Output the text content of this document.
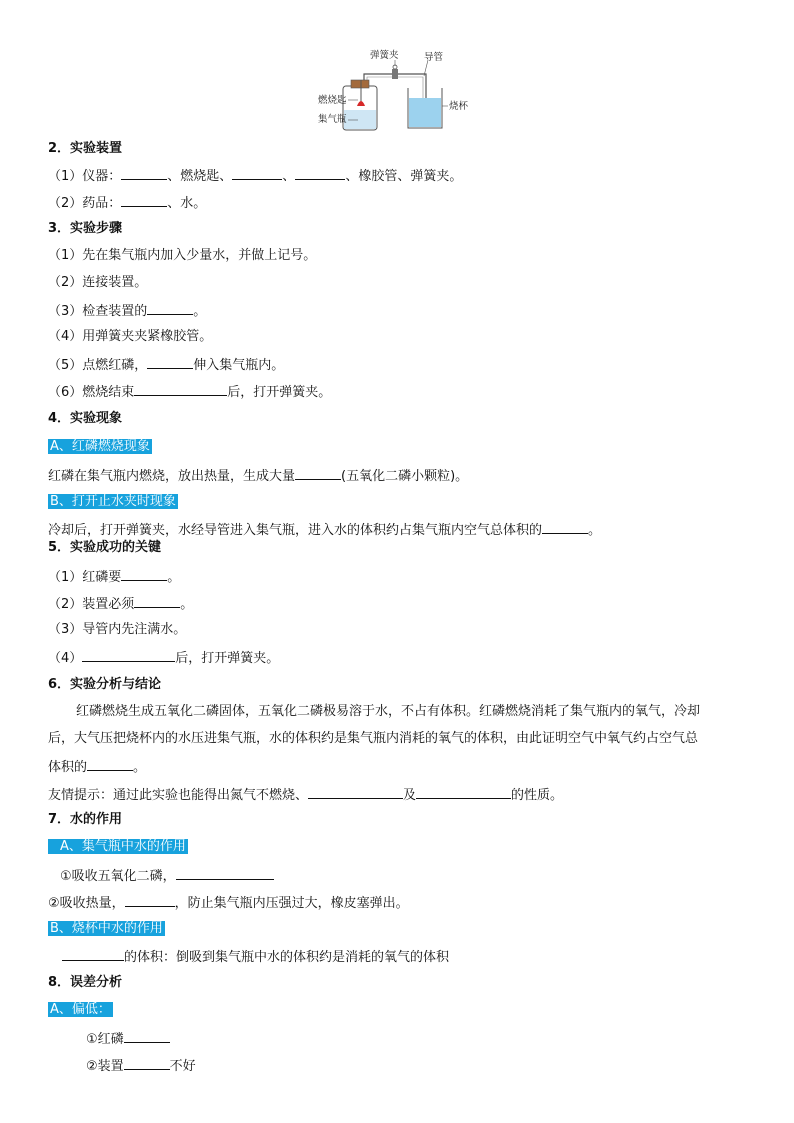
弹簧夹	导管
燃烧匙
集气瓶
烧杯
2．实验装置
（1）仪器：	、燃烧匙、	、	、橡胶管、弹簧夹。
（2）药品：	、水。
3．实验步骤
（1）先在集气瓶内加入少量水，并做上记号。
（2）连接装置。
（3）检查装置的	。
（4）用弹簧夹夹紧橡胶管。
（5）点燃红磷，	伸入集气瓶内。
（6）燃烧结束	后，打开弹簧夹。
4．实验现象
A、红磷燃烧现象
红磷在集气瓶内燃烧，放出热量，生成大量	(五氧化二磷小颗粒)。
B、打开止水夹时现象
冷却后，打开弹簧夹，水经导管进入集气瓶，进入水的体积约占集气瓶内空气总体积的	。
5．实验成功的关键
（1）红磷要	。
（2）装置必须	。
（3）导管内先注满水。
（4）	后，打开弹簧夹。
6．实验分析与结论
红磷燃烧生成五氧化二磷固体，五氧化二磷极易溶于水，不占有体积。红磷燃烧消耗了集气瓶内的氧气，冷却
后，大气压把烧杯内的水压进集气瓶，水的体积约是集气瓶内消耗的氧气的体积，由此证明空气中氧气约占空气总
体积的	。
友情提示：通过此实验也能得出氮气不燃烧、	及	的性质。
7．水的作用
A、集气瓶中水的作用
①吸收五氧化二磷，
②吸收热量，	，防止集气瓶内压强过大，橡皮塞弹出。
B、烧杯中水的作用
的体积：倒吸到集气瓶中水的体积约是消耗的氧气的体积
8．误差分析
A、偏低：
①红磷
②装置	不好
